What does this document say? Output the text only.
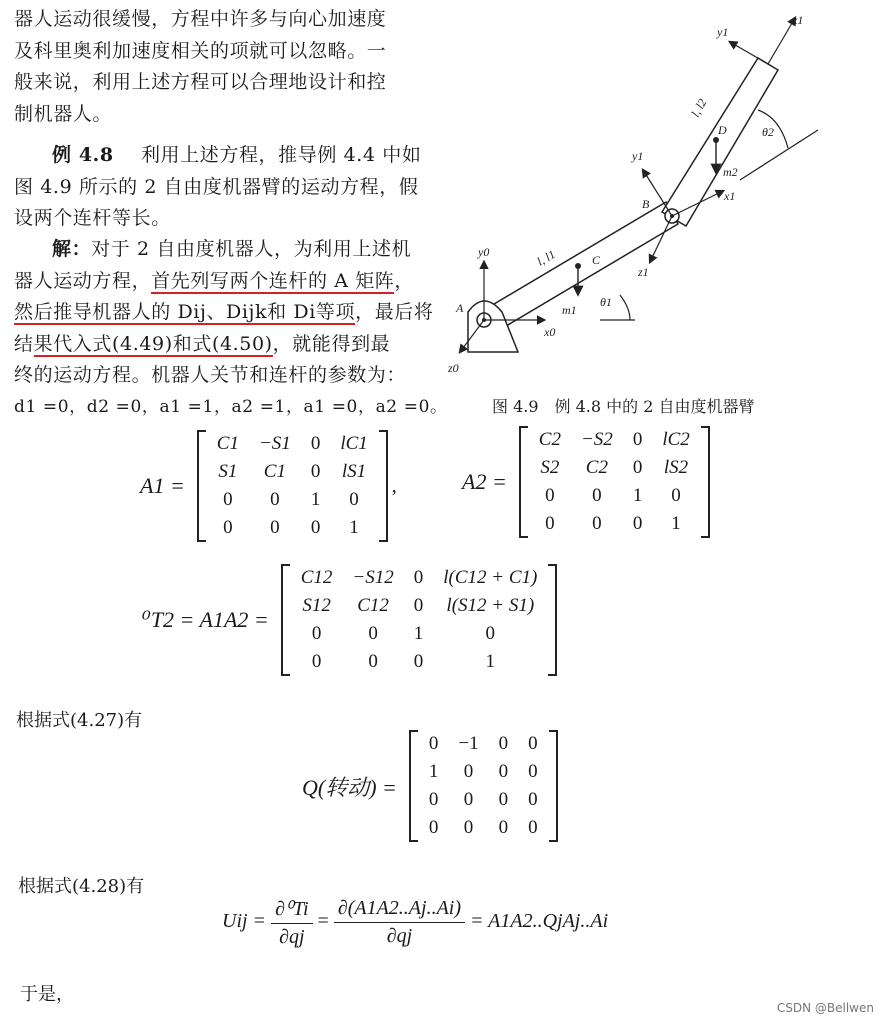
器人运动很缓慢，方程中许多与向心加速度
及科里奥利加速度相关的项就可以忽略。一
般来说，利用上述方程可以合理地设计和控
制机器人。
例 4.8 利用上述方程，推导例 4.4 中如
图 4.9 所示的 2 自由度机器臂的运动方程，假
设两个连杆等长。
解：对于 2 自由度机器人，为利用上述机
器人运动方程，首先列写两个连杆的 A 矩阵，
然后推导机器人的 Dij、Dijk和 Di等项，最后将
结果代入式(4.49)和式(4.50)，就能得到最
终的运动方程。机器人关节和连杆的参数为：
d1 =0，d2 =0，a1 =1，a2 =1，a1 =0，a2 =0。
x1
y1
l, l2
D	θ2
y1
m2
x1
B
z1
y0	l, l1	C
m1
θ1
A
x0
z0
图 4.9　例 4.8 中的 2 自由度机器臂
A1 =
C1	−S1	0	lC1
S1	C1	0	lS1
0	0	1	0
0	0	0	1
,	A2 =
C2	−S2	0	lC2
S2	C2	0	lS2
0	0	1	0
0	0	0	1
⁰T2 = A1A2 =
C12	−S12	0	l(C12 + C1)
S12	C12	0	l(S12 + S1)
0	0	1	0
0	0	0	1
根据式(4.27)有
Q(转动) =
0	−1	0	0
1	0	0	0
0	0	0	0
0	0	0	0
根据式(4.28)有
Uij = $\frac{\text{∂⁰Ti}}{\partial qj} = \frac{\partial(A1A2..Aj..Ai)}{\partial qj}$ = A1A2..QjAj..Ai
于是，
CSDN @Bellwen
